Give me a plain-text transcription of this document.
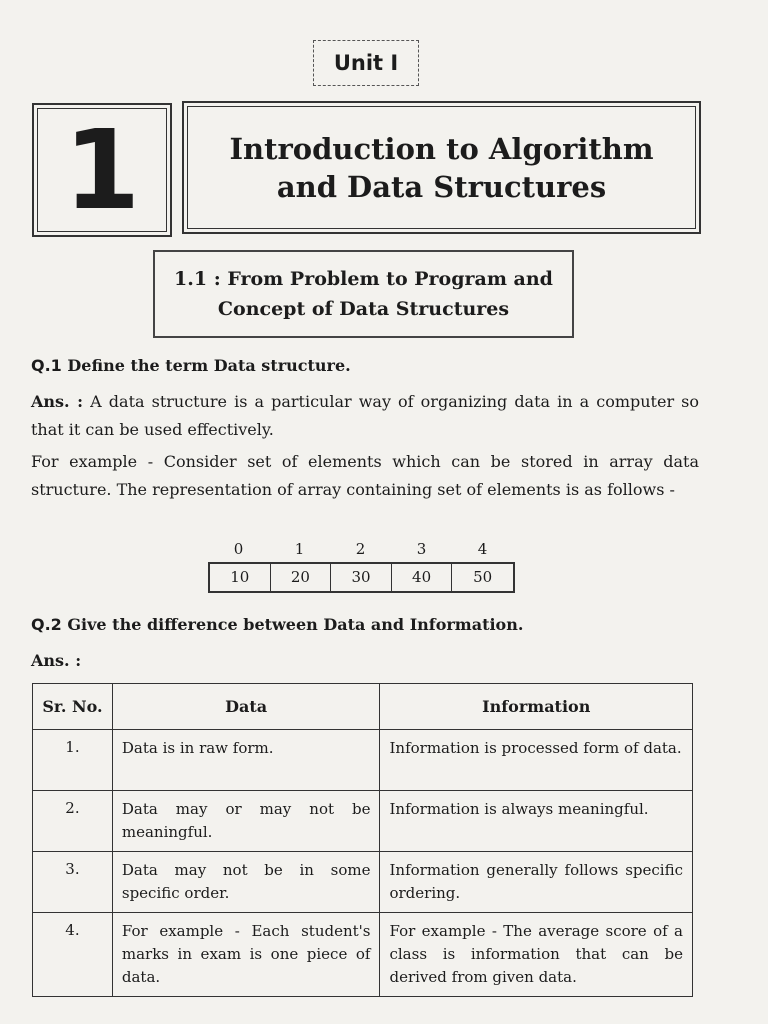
Unit I
1	Introduction to Algorithm
and Data Structures
1.1 : From Problem to Program and
Concept of Data Structures
Q.1 Define the term Data structure.
Ans. : A data structure is a particular way of organizing data in a computer so that it can be used effectively.
For example - Consider set of elements which can be stored in array data structure. The representation of array containing set of elements is as follows -
0	1	2	3	4
10	20	30	40	50
Q.2 Give the difference between Data and Information.
Ans. :
Sr. No.	Data	Information
1.	Data is in raw form.	Information is processed form of data.
2.	Data may or may not be meaningful.	Information is always meaningful.
3.	Data may not be in some specific order.	Information generally follows specific ordering.
4.	For example - Each student's marks in exam is one piece of data.	For example - The average score of a class is information that can be derived from given data.
